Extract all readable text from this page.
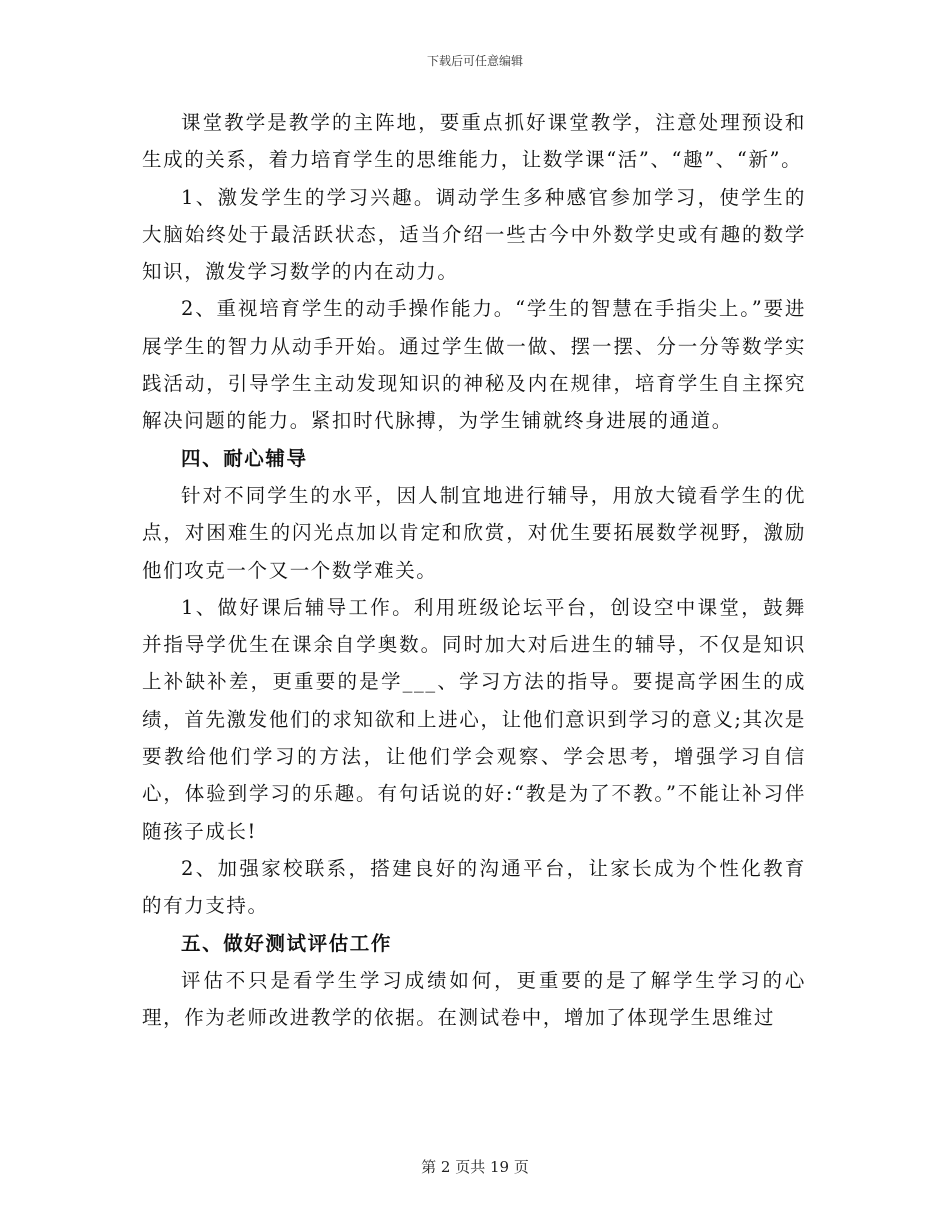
下载后可任意编辑

课堂教学是教学的主阵地，要重点抓好课堂教学，注意处理预设和生成的关系，着力培育学生的思维能力，让数学课“活”、“趣”、“新”。

1、激发学生的学习兴趣。调动学生多种感官参加学习，使学生的大脑始终处于最活跃状态，适当介绍一些古今中外数学史或有趣的数学知识，激发学习数学的内在动力。

2、重视培育学生的动手操作能力。“学生的智慧在手指尖上。”要进展学生的智力从动手开始。通过学生做一做、摆一摆、分一分等数学实践活动，引导学生主动发现知识的神秘及内在规律，培育学生自主探究解决问题的能力。紧扣时代脉搏，为学生铺就终身进展的通道。

四、耐心辅导

针对不同学生的水平，因人制宜地进行辅导，用放大镜看学生的优点，对困难生的闪光点加以肯定和欣赏，对优生要拓展数学视野，激励他们攻克一个又一个数学难关。

1、做好课后辅导工作。利用班级论坛平台，创设空中课堂，鼓舞并指导学优生在课余自学奥数。同时加大对后进生的辅导，不仅是知识上补缺补差，更重要的是学___、学习方法的指导。要提高学困生的成绩，首先激发他们的求知欲和上进心，让他们意识到学习的意义;其次是要教给他们学习的方法，让他们学会观察、学会思考，增强学习自信心，体验到学习的乐趣。有句话说的好:“教是为了不教。”不能让补习伴随孩子成长!

2、加强家校联系，搭建良好的沟通平台，让家长成为个性化教育的有力支持。

五、做好测试评估工作

评估不只是看学生学习成绩如何，更重要的是了解学生学习的心理，作为老师改进教学的依据。在测试卷中，增加了体现学生思维过

第 2 页共 19 页
